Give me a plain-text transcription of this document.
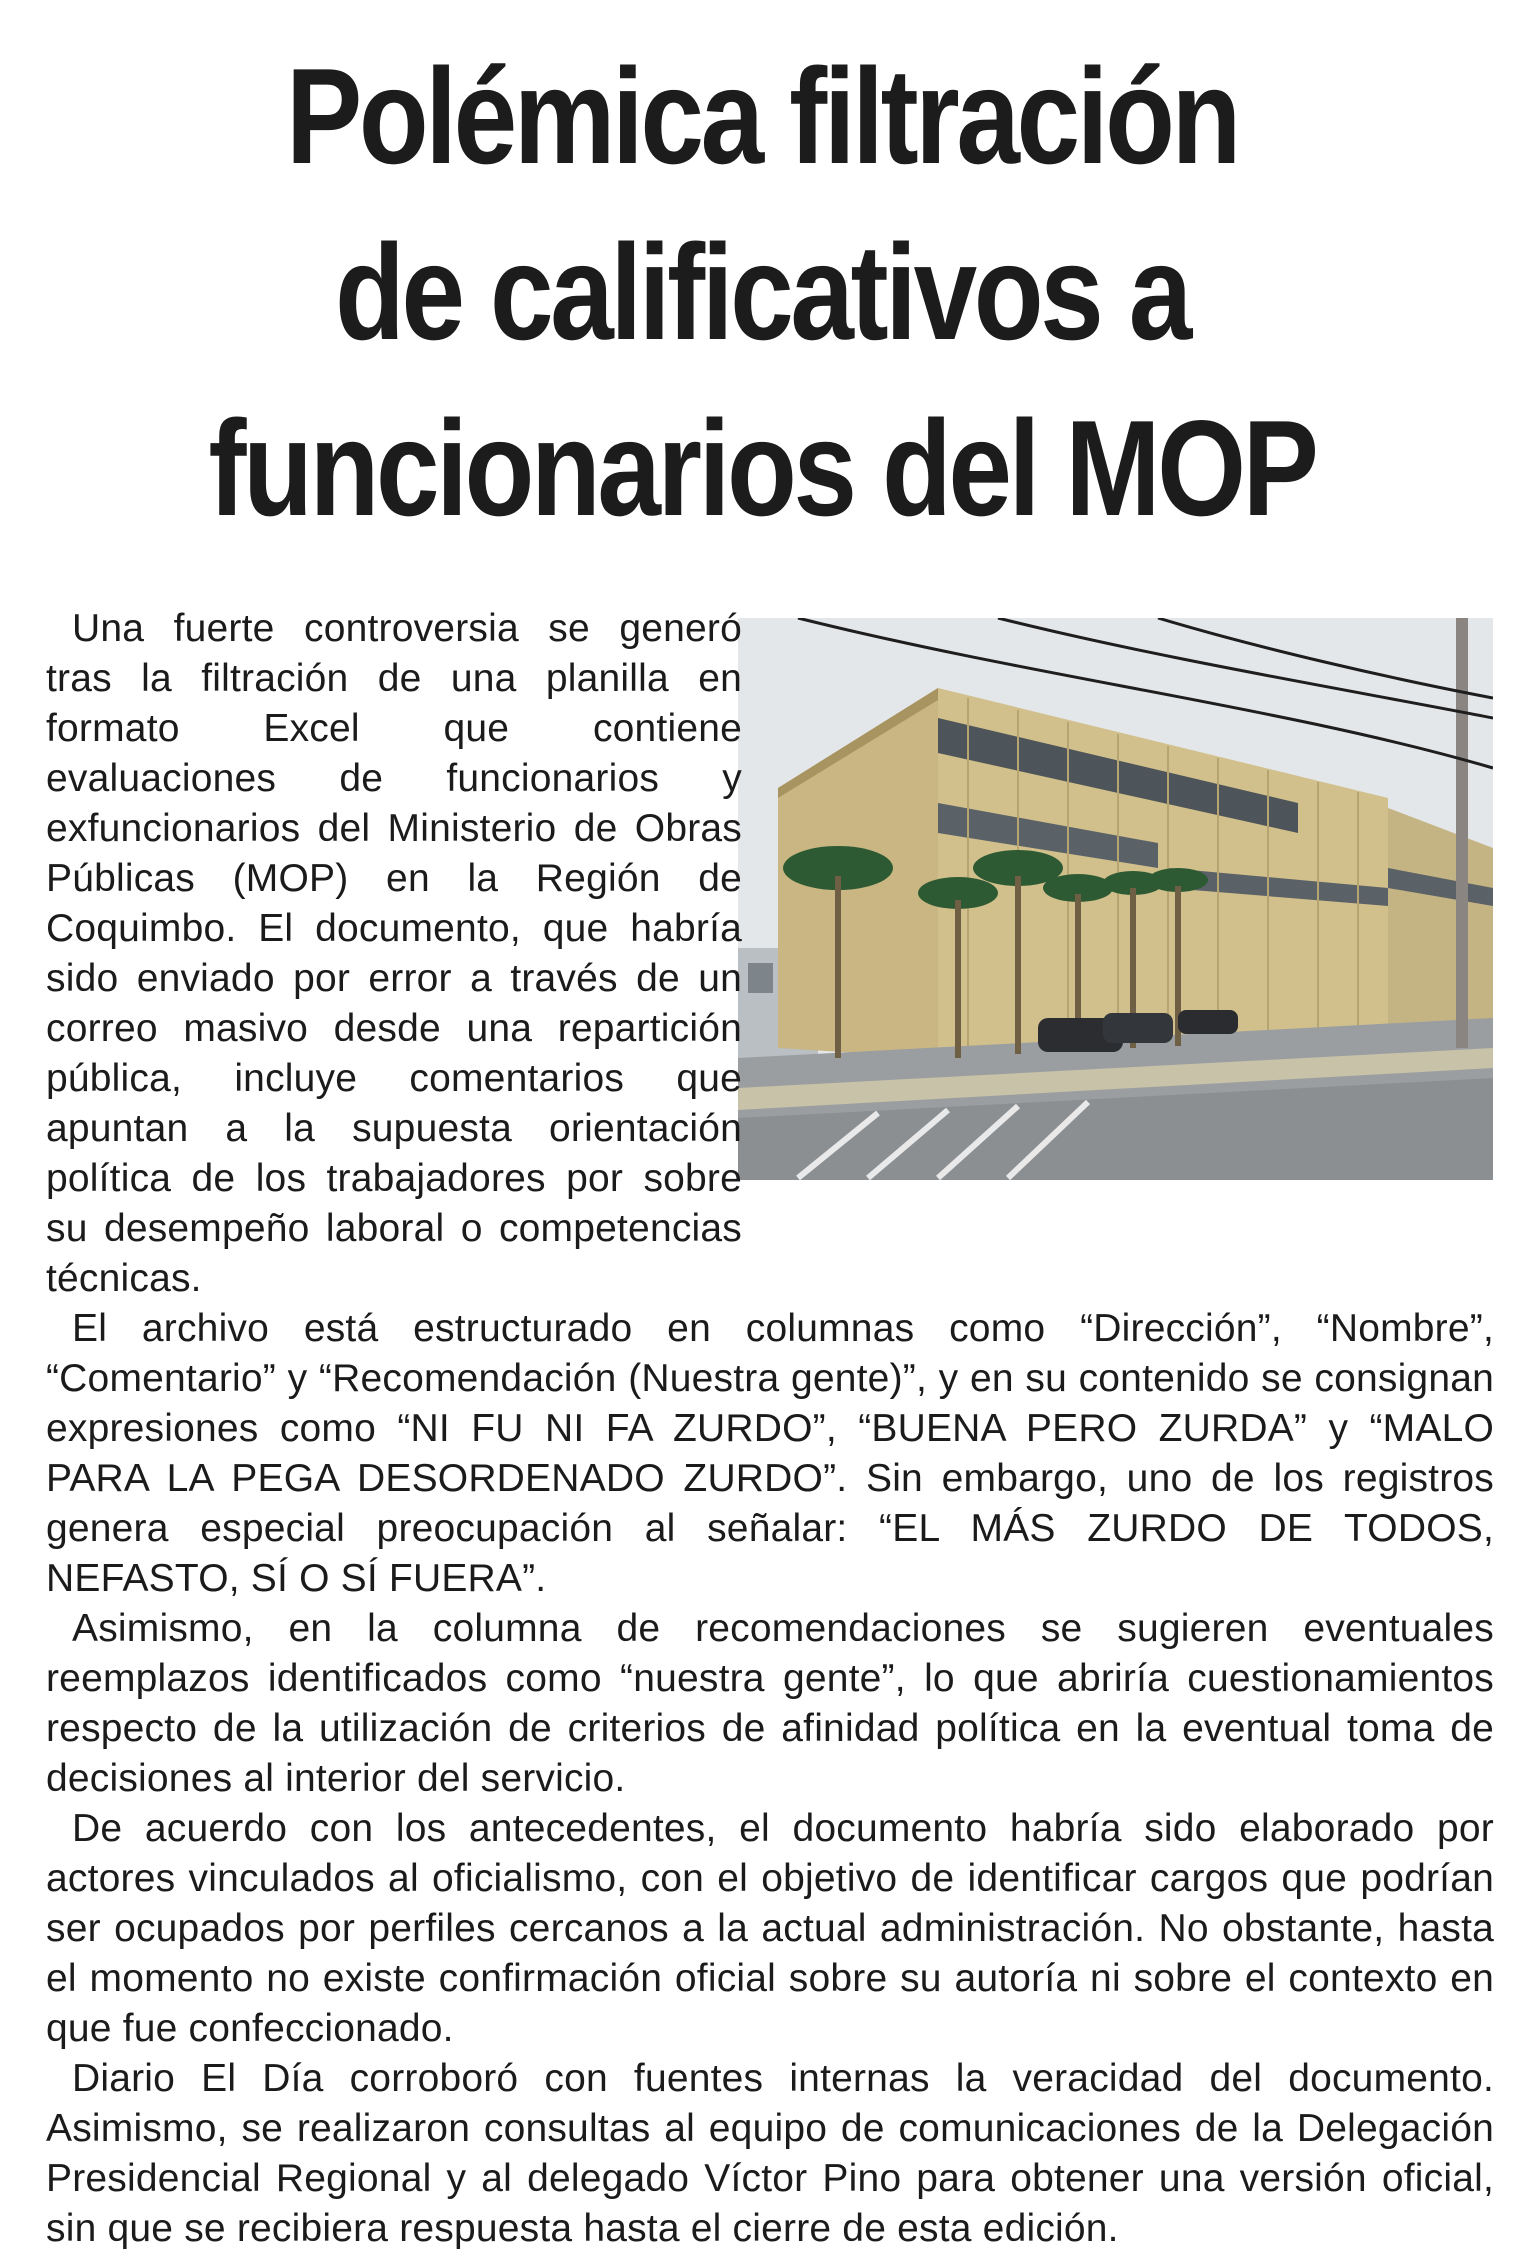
Polémica filtración
de calificativos a
funcionarios del MOP

Una fuerte controversia se generó tras la filtración de una planilla en formato Excel que contiene evaluaciones de funcionarios y exfuncionarios del Ministerio de Obras Públicas (MOP) en la Región de Coquimbo. El documento, que habría sido enviado por error a través de un correo masivo desde una repartición pública, incluye comentarios que apuntan a la supuesta orientación política de los trabajadores por sobre su desempeño laboral o competencias técnicas.

El archivo está estructurado en columnas como “Dirección”, “Nombre”, “Comentario” y “Recomendación (Nuestra gente)”, y en su contenido se consignan expresiones como “NI FU NI FA ZURDO”, “BUENA PERO ZURDA” y “MALO PARA LA PEGA DESORDENADO ZURDO”. Sin embargo, uno de los registros genera especial preocupación al señalar: “EL MÁS ZURDO DE TODOS, NEFASTO, SÍ O SÍ FUERA”.

Asimismo, en la columna de recomendaciones se sugieren eventuales reemplazos identificados como “nuestra gente”, lo que abriría cuestionamientos respecto de la utilización de criterios de afinidad política en la eventual toma de decisiones al interior del servicio.

De acuerdo con los antecedentes, el documento habría sido elaborado por actores vinculados al oficialismo, con el objetivo de identificar cargos que podrían ser ocupados por perfiles cercanos a la actual administración. No obstante, hasta el momento no existe confirmación oficial sobre su autoría ni sobre el contexto en que fue confeccionado.

Diario El Día corroboró con fuentes internas la veracidad del documento. Asimismo, se realizaron consultas al equipo de comunicaciones de la Delegación Presidencial Regional y al delegado Víctor Pino para obtener una versión oficial, sin que se recibiera respuesta hasta el cierre de esta edición.
